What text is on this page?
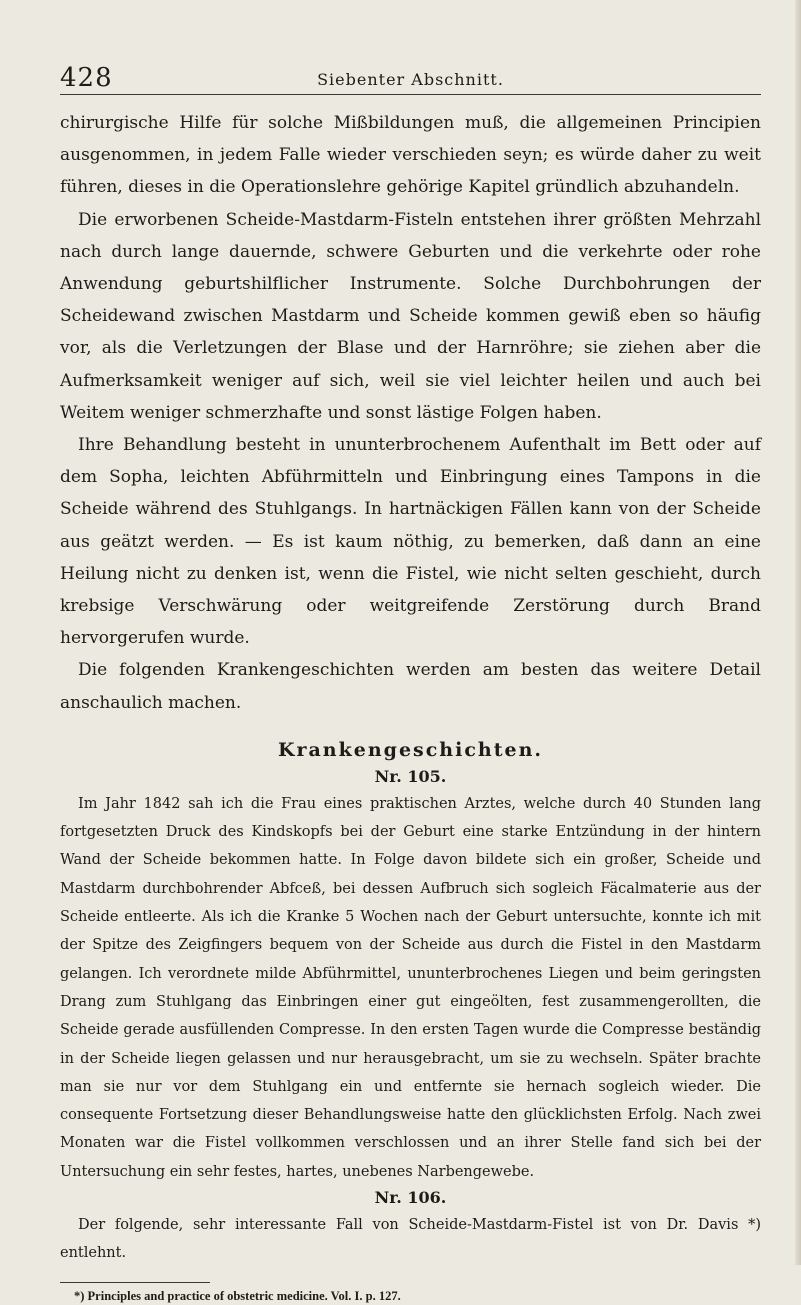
428	Siebenter Abschnitt.

chirurgische Hilfe für solche Mißbildungen muß, die allgemeinen Principien ausgenommen, in jedem Falle wieder verschieden seyn; es würde daher zu weit führen, dieses in die Operationslehre gehörige Kapitel gründlich abzuhandeln.

Die erworbenen Scheide-Mastdarm-Fisteln entstehen ihrer größten Mehrzahl nach durch lange dauernde, schwere Geburten und die verkehrte oder rohe Anwendung geburtshilflicher Instrumente. Solche Durchbohrungen der Scheidewand zwischen Mastdarm und Scheide kommen gewiß eben so häufig vor, als die Verletzungen der Blase und der Harnröhre; sie ziehen aber die Aufmerksamkeit weniger auf sich, weil sie viel leichter heilen und auch bei Weitem weniger schmerzhafte und sonst lästige Folgen haben.

Ihre Behandlung besteht in ununterbrochenem Aufenthalt im Bett oder auf dem Sopha, leichten Abführmitteln und Einbringung eines Tampons in die Scheide während des Stuhlgangs. In hartnäckigen Fällen kann von der Scheide aus geätzt werden. — Es ist kaum nöthig, zu bemerken, daß dann an eine Heilung nicht zu denken ist, wenn die Fistel, wie nicht selten geschieht, durch krebsige Verschwärung oder weitgreifende Zerstörung durch Brand hervorgerufen wurde.

Die folgenden Krankengeschichten werden am besten das weitere Detail anschaulich machen.

Krankengeschichten.
Nr. 105.

Im Jahr 1842 sah ich die Frau eines praktischen Arztes, welche durch 40 Stunden lang fortgesetzten Druck des Kindskopfs bei der Geburt eine starke Entzündung in der hintern Wand der Scheide bekommen hatte. In Folge davon bildete sich ein großer, Scheide und Mastdarm durchbohrender Abfceß, bei dessen Aufbruch sich sogleich Fäcalmaterie aus der Scheide entleerte. Als ich die Kranke 5 Wochen nach der Geburt untersuchte, konnte ich mit der Spitze des Zeigfingers bequem von der Scheide aus durch die Fistel in den Mastdarm gelangen. Ich verordnete milde Abführmittel, ununterbrochenes Liegen und beim geringsten Drang zum Stuhlgang das Einbringen einer gut eingeölten, fest zusammengerollten, die Scheide gerade ausfüllenden Compresse. In den ersten Tagen wurde die Compresse beständig in der Scheide liegen gelassen und nur herausgebracht, um sie zu wechseln. Später brachte man sie nur vor dem Stuhlgang ein und entfernte sie hernach sogleich wieder. Die consequente Fortsetzung dieser Behandlungsweise hatte den glücklichsten Erfolg. Nach zwei Monaten war die Fistel vollkommen verschlossen und an ihrer Stelle fand sich bei der Untersuchung ein sehr festes, hartes, unebenes Narbengewebe.

Nr. 106.

Der folgende, sehr interessante Fall von Scheide-Mastdarm-Fistel ist von Dr. Davis *) entlehnt.

*) Principles and practice of obstetric medicine. Vol. I. p. 127.
